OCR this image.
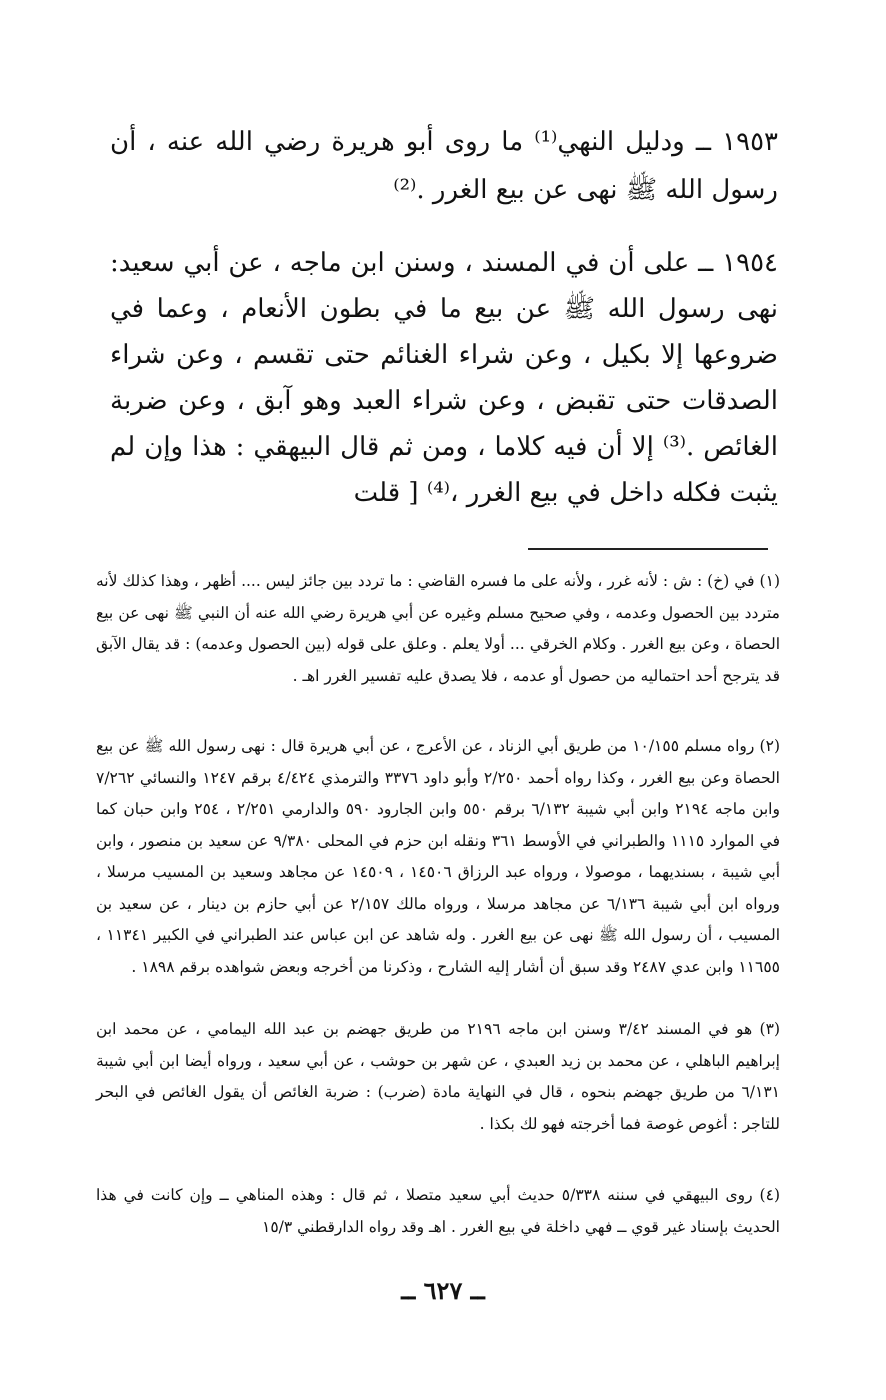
١٩٥٣ ــ ودليل النهي⁽¹⁾ ما روى أبو هريرة رضي الله عنه ، أن رسول الله ﷺ نهى عن بيع الغرر .⁽²⁾
١٩٥٤ ــ على أن في المسند ، وسنن ابن ماجه ، عن أبي سعيد: نهى رسول الله ﷺ عن بيع ما في بطون الأنعام ، وعما في ضروعها إلا بكيل ، وعن شراء الغنائم حتى تقسم ، وعن شراء الصدقات حتى تقبض ، وعن شراء العبد وهو آبق ، وعن ضربة الغائص .⁽³⁾ إلا أن فيه كلاما ، ومن ثم قال البيهقي : هذا وإن لم يثبت فكله داخل في بيع الغرر ،⁽⁴⁾ [ قلت
(١) في (خ) : ش : لأنه غرر ، ولأنه على ما فسره القاضي : ما تردد بين جائز ليس .... أظهر ، وهذا كذلك لأنه متردد بين الحصول وعدمه ، وفي صحيح مسلم وغيره عن أبي هريرة رضي الله عنه أن النبي ﷺ نهى عن بيع الحصاة ، وعن بيع الغرر . وكلام الخرقي ... أولا يعلم . وعلق على قوله (بين الحصول وعدمه) : قد يقال الآبق قد يترجح أحد احتماليه من حصول أو عدمه ، فلا يصدق عليه تفسير الغرر اهـ .
(٢) رواه مسلم ١٠/١٥٥ من طريق أبي الزناد ، عن الأعرج ، عن أبي هريرة قال : نهى رسول الله ﷺ عن بيع الحصاة وعن بيع الغرر ، وكذا رواه أحمد ٢/٢٥٠ وأبو داود ٣٣٧٦ والترمذي ٤/٤٢٤ برقم ١٢٤٧ والنسائي ٧/٢٦٢ وابن ماجه ٢١٩٤ وابن أبي شيبة ٦/١٣٢ برقم ٥٥٠ وابن الجارود ٥٩٠ والدارمي ٢/٢٥١ ، ٢٥٤ وابن حبان كما في الموارد ١١١٥ والطبراني في الأوسط ٣٦١ ونقله ابن حزم في المحلى ٩/٣٨٠ عن سعيد بن منصور ، وابن أبي شيبة ، بسنديهما ، موصولا ، ورواه عبد الرزاق ١٤٥٠٦ ، ١٤٥٠٩ عن مجاهد وسعيد بن المسيب مرسلا ، ورواه ابن أبي شيبة ٦/١٣٦ عن مجاهد مرسلا ، ورواه مالك ٢/١٥٧ عن أبي حازم بن دينار ، عن سعيد بن المسيب ، أن رسول الله ﷺ نهى عن بيع الغرر . وله شاهد عن ابن عباس عند الطبراني في الكبير ١١٣٤١ ، ١١٦٥٥ وابن عدي ٢٤٨٧ وقد سبق أن أشار إليه الشارح ، وذكرنا من أخرجه وبعض شواهده برقم ١٨٩٨ .
(٣) هو في المسند ٣/٤٢ وسنن ابن ماجه ٢١٩٦ من طريق جهضم بن عبد الله اليمامي ، عن محمد ابن إبراهيم الباهلي ، عن محمد بن زيد العبدي ، عن شهر بن حوشب ، عن أبي سعيد ، ورواه أيضا ابن أبي شيبة ٦/١٣١ من طريق جهضم بنحوه ، قال في النهاية مادة (ضرب) : ضربة الغائص أن يقول الغائص في البحر للتاجر : أغوص غوصة فما أخرجته فهو لك بكذا .
(٤) روى البيهقي في سننه ٥/٣٣٨ حديث أبي سعيد متصلا ، ثم قال : وهذه المناهي ــ وإن كانت في هذا الحديث بإسناد غير قوي ــ فهي داخلة في بيع الغرر . اهـ وقد رواه الدارقطني ١٥/٣
ــ ٦٢٧ ــ
